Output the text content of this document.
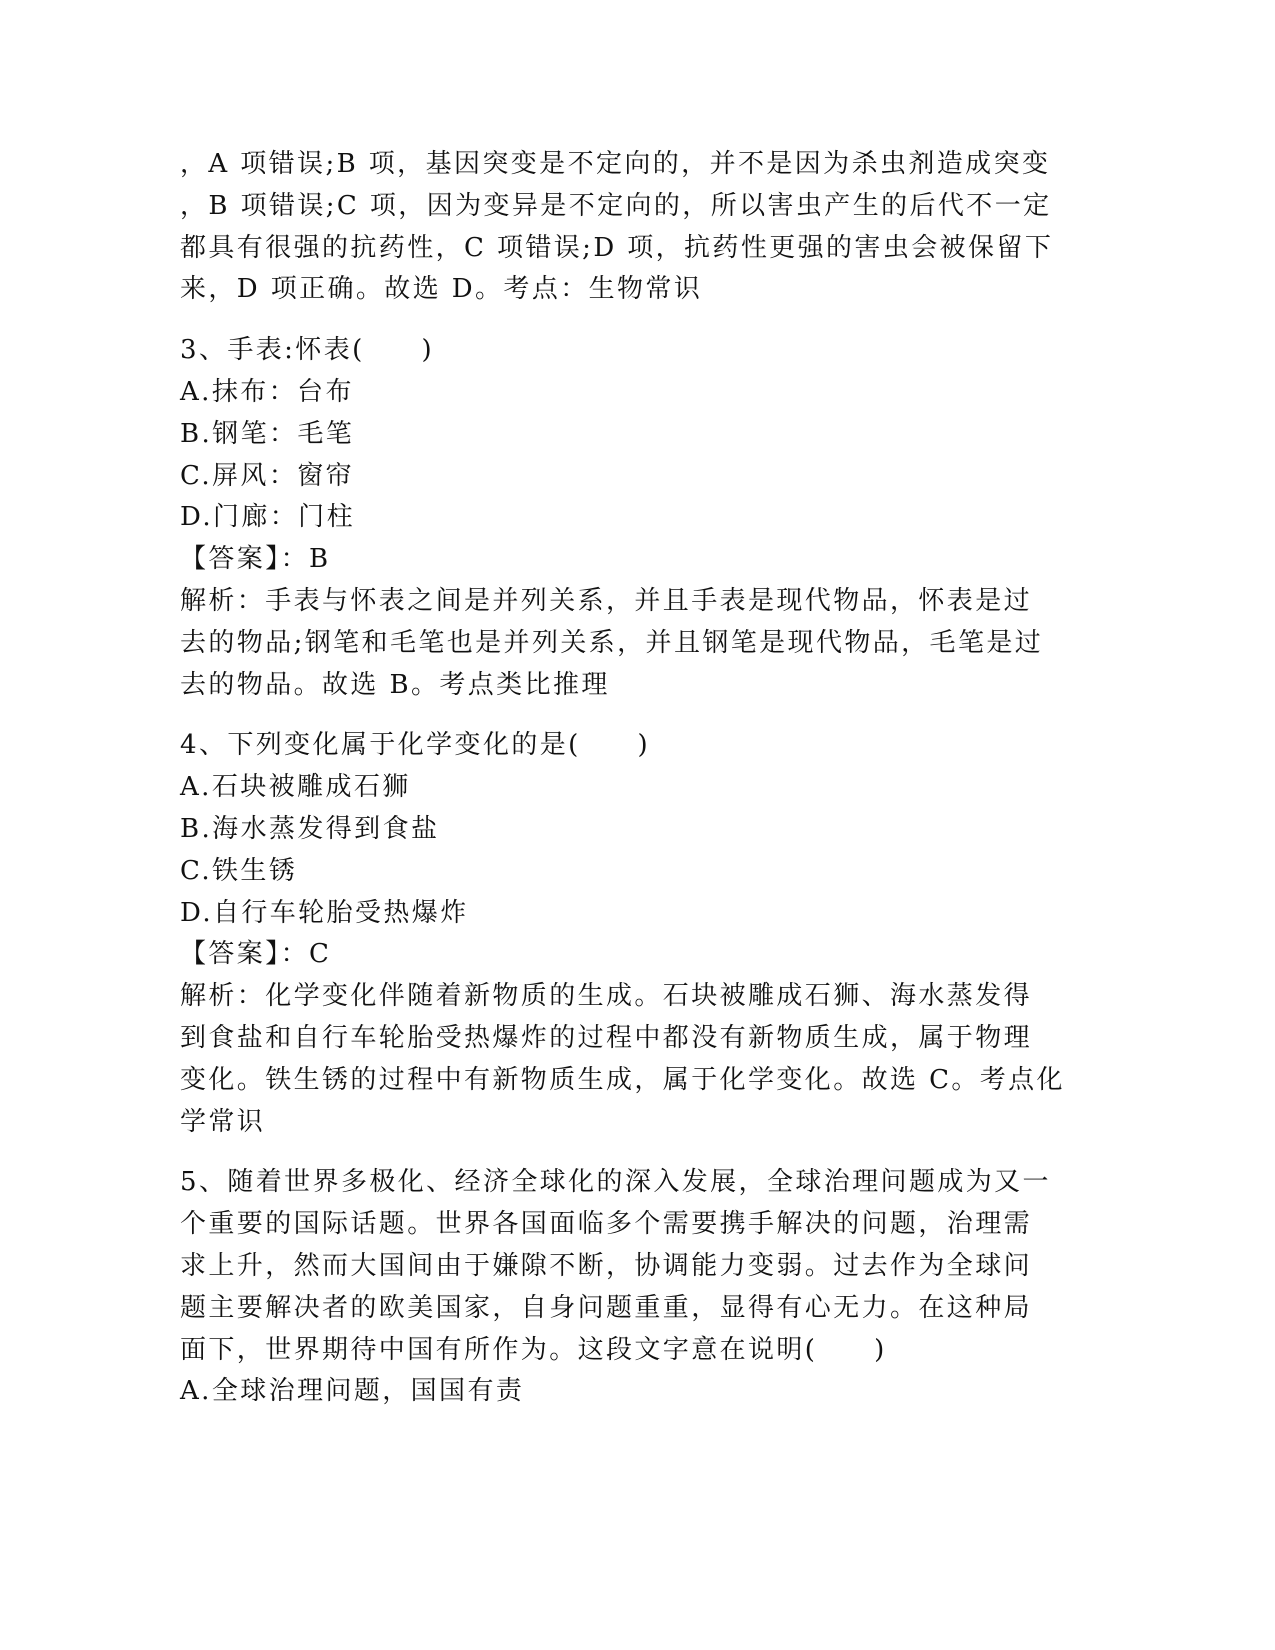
，A 项错误;B 项，基因突变是不定向的，并不是因为杀虫剂造成突变
，B 项错误;C 项，因为变异是不定向的，所以害虫产生的后代不一定
都具有很强的抗药性，C 项错误;D 项，抗药性更强的害虫会被保留下
来，D 项正确。故选 D。考点：生物常识
3、手表:怀表(　　)
A.抹布：台布
B.钢笔：毛笔
C.屏风：窗帘
D.门廊：门柱
【答案】：B
解析：手表与怀表之间是并列关系，并且手表是现代物品，怀表是过
去的物品;钢笔和毛笔也是并列关系，并且钢笔是现代物品，毛笔是过
去的物品。故选 B。考点类比推理
4、下列变化属于化学变化的是(　　)
A.石块被雕成石狮
B.海水蒸发得到食盐
C.铁生锈
D.自行车轮胎受热爆炸
【答案】：C
解析：化学变化伴随着新物质的生成。石块被雕成石狮、海水蒸发得
到食盐和自行车轮胎受热爆炸的过程中都没有新物质生成，属于物理
变化。铁生锈的过程中有新物质生成，属于化学变化。故选 C。考点化
学常识
5、随着世界多极化、经济全球化的深入发展，全球治理问题成为又一
个重要的国际话题。世界各国面临多个需要携手解决的问题，治理需
求上升，然而大国间由于嫌隙不断，协调能力变弱。过去作为全球问
题主要解决者的欧美国家，自身问题重重，显得有心无力。在这种局
面下，世界期待中国有所作为。这段文字意在说明(　　)
A.全球治理问题，国国有责
